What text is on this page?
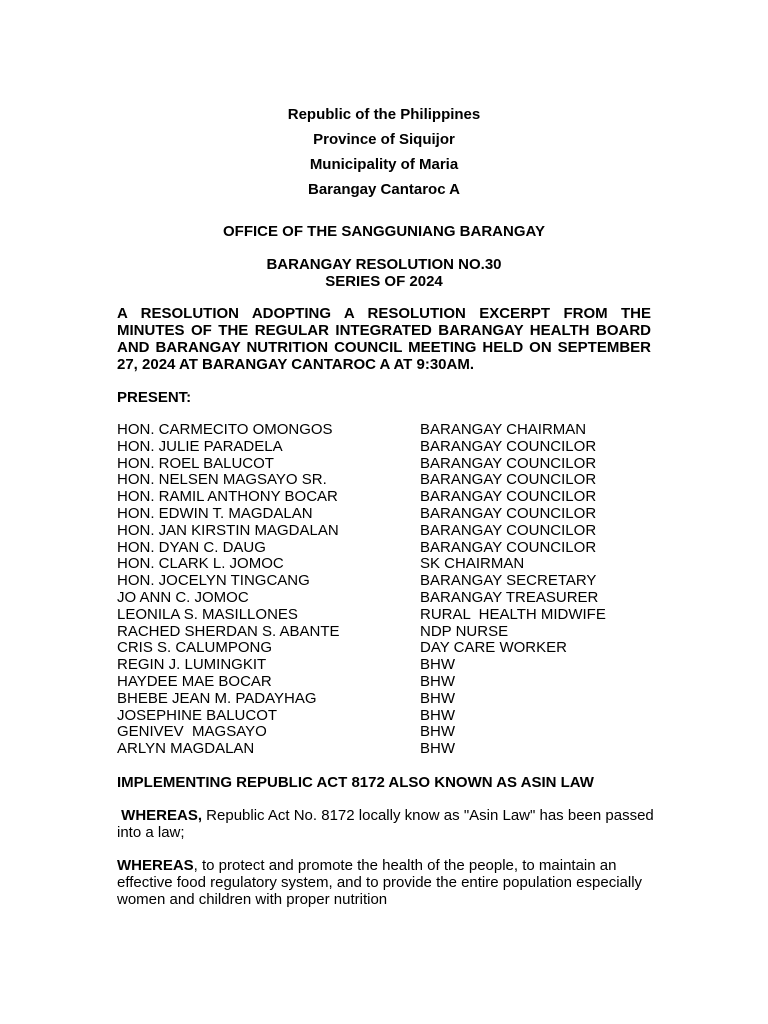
Republic of the Philippines
Province of Siquijor
Municipality of Maria
Barangay Cantaroc A
OFFICE OF THE SANGGUNIANG BARANGAY
BARANGAY RESOLUTION NO.30
SERIES OF 2024
A RESOLUTION ADOPTING A RESOLUTION EXCERPT FROM THE MINUTES OF THE REGULAR INTEGRATED BARANGAY HEALTH BOARD AND BARANGAY NUTRITION COUNCIL MEETING HELD ON SEPTEMBER 27, 2024 AT BARANGAY CANTAROC A AT 9:30AM.
PRESENT:
HON. CARMECITO OMONGOS	BARANGAY CHAIRMAN
HON. JULIE PARADELA	BARANGAY COUNCILOR
HON. ROEL BALUCOT	BARANGAY COUNCILOR
HON. NELSEN MAGSAYO SR.	BARANGAY COUNCILOR
HON. RAMIL ANTHONY BOCAR	BARANGAY COUNCILOR
HON. EDWIN T. MAGDALAN	BARANGAY COUNCILOR
HON. JAN KIRSTIN MAGDALAN	BARANGAY COUNCILOR
HON. DYAN C. DAUG	BARANGAY COUNCILOR
HON. CLARK L. JOMOC	SK CHAIRMAN
HON. JOCELYN TINGCANG	BARANGAY SECRETARY
JO ANN C. JOMOC	BARANGAY TREASURER
LEONILA S. MASILLONES	RURAL  HEALTH MIDWIFE
RACHED SHERDAN S. ABANTE	NDP NURSE
CRIS S. CALUMPONG	DAY CARE WORKER
REGIN J. LUMINGKIT	BHW
HAYDEE MAE BOCAR	BHW
BHEBE JEAN M. PADAYHAG	BHW
JOSEPHINE BALUCOT	BHW
GENIVEV  MAGSAYO	BHW
ARLYN MAGDALAN	BHW
IMPLEMENTING REPUBLIC ACT 8172 ALSO KNOWN AS ASIN LAW
WHEREAS, Republic Act No. 8172 locally know as "Asin Law" has been passed into a law;
WHEREAS, to protect and promote the health of the people, to maintain an effective food regulatory system, and to provide the entire population especially women and children with proper nutrition
